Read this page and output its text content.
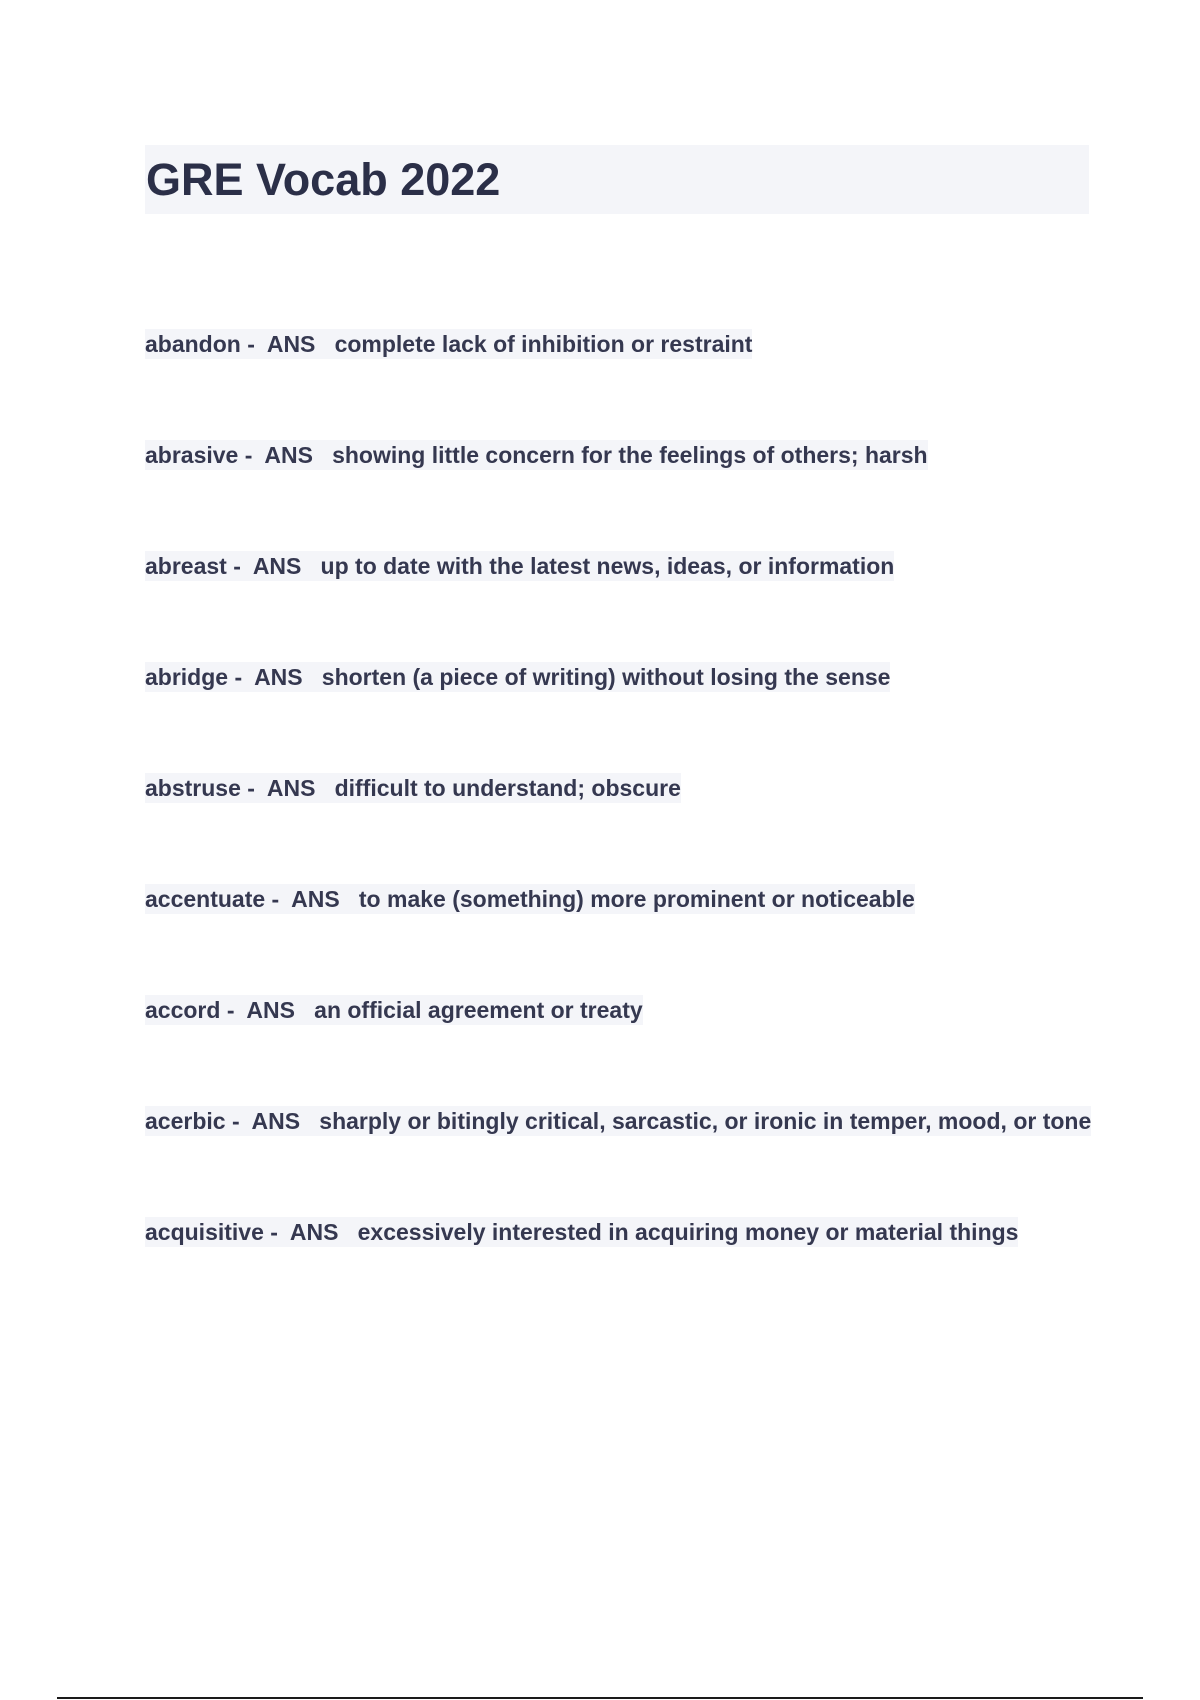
GRE Vocab 2022
abandon -  ANS complete lack of inhibition or restraint
abrasive -  ANS showing little concern for the feelings of others; harsh
abreast -  ANS up to date with the latest news, ideas, or information
abridge -  ANS shorten (a piece of writing) without losing the sense
abstruse -  ANS difficult to understand; obscure
accentuate -  ANS to make (something) more prominent or noticeable
accord -  ANS an official agreement or treaty
acerbic -  ANS sharply or bitingly critical, sarcastic, or ironic in temper, mood, or tone
acquisitive -  ANS excessively interested in acquiring money or material things
